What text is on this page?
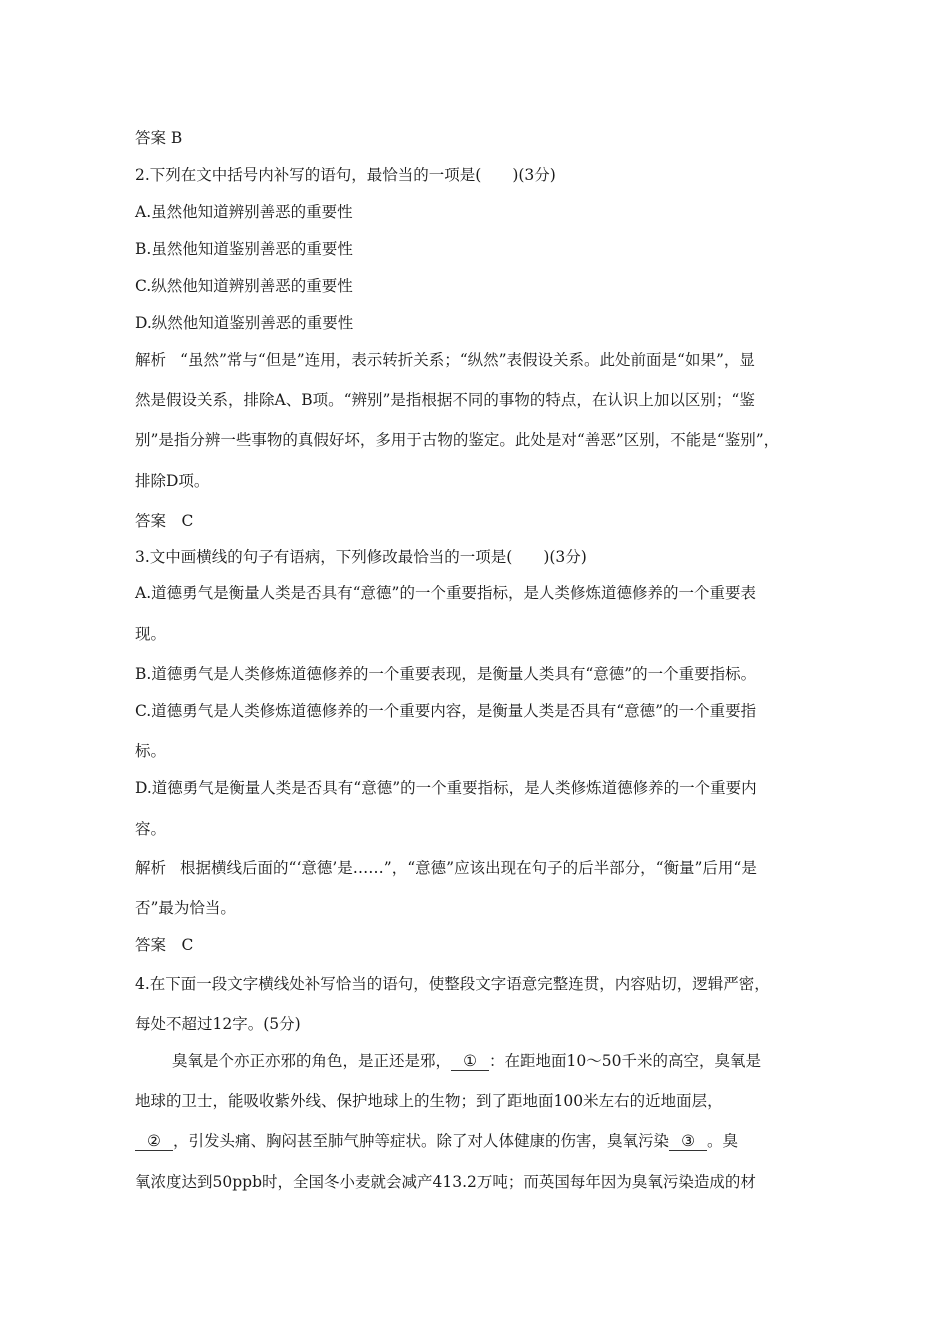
答案 B
2.下列在文中括号内补写的语句，最恰当的一项是(　　)(3分)
A.虽然他知道辨别善恶的重要性
B.虽然他知道鉴别善恶的重要性
C.纵然他知道辨别善恶的重要性
D.纵然他知道鉴别善恶的重要性
解析 “虽然”常与“但是”连用，表示转折关系；“纵然”表假设关系。此处前面是“如果”，显
然是假设关系，排除A、B项。“辨别”是指根据不同的事物的特点，在认识上加以区别；“鉴
别”是指分辨一些事物的真假好坏，多用于古物的鉴定。此处是对“善恶”区别，不能是“鉴别”，
排除D项。
答案　C
3.文中画横线的句子有语病，下列修改最恰当的一项是(　　)(3分)
A.道德勇气是衡量人类是否具有“意德”的一个重要指标，是人类修炼道德修养的一个重要表
现。
B.道德勇气是人类修炼道德修养的一个重要表现，是衡量人类具有“意德”的一个重要指标。
C.道德勇气是人类修炼道德修养的一个重要内容，是衡量人类是否具有“意德”的一个重要指
标。
D.道德勇气是衡量人类是否具有“意德”的一个重要指标，是人类修炼道德修养的一个重要内
容。
解析 根据横线后面的“‘意德’是……”，“意德”应该出现在句子的后半部分，“衡量”后用“是
否”最为恰当。
答案　C
4.在下面一段文字横线处补写恰当的语句，使整段文字语意完整连贯，内容贴切，逻辑严密，
每处不超过12字。(5分)
臭氧是个亦正亦邪的角色，是正还是邪， ① ：在距地面10～50千米的高空，臭氧是
地球的卫士，能吸收紫外线、保护地球上的生物；到了距地面100米左右的近地面层，
② ，引发头痛、胸闷甚至肺气肿等症状。除了对人体健康的伤害，臭氧污染 ③ 。臭
氧浓度达到50ppb时，全国冬小麦就会减产413.2万吨；而英国每年因为臭氧污染造成的材
